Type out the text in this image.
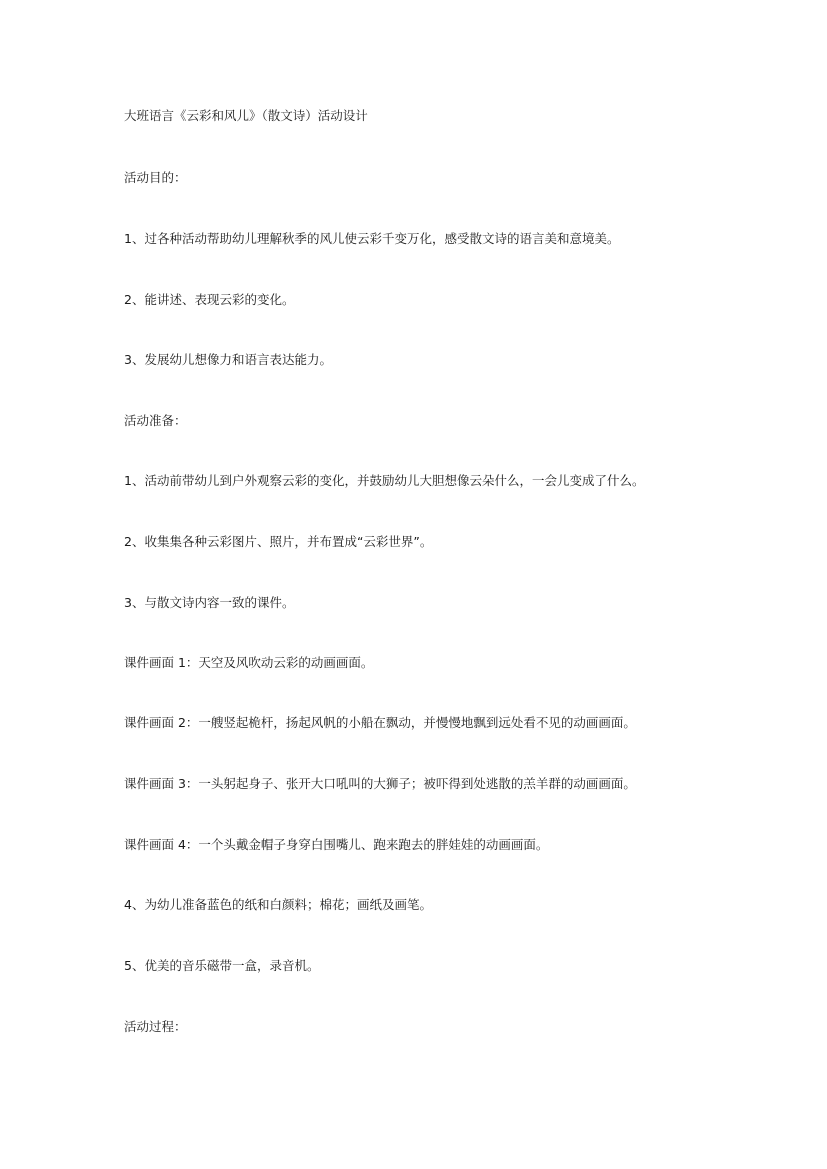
大班语言《云彩和风儿》（散文诗）活动设计
活动目的：
1、过各种活动帮助幼儿理解秋季的风儿使云彩千变万化，感受散文诗的语言美和意境美。
2、能讲述、表现云彩的变化。
3、发展幼儿想像力和语言表达能力。
活动准备：
1、活动前带幼儿到户外观察云彩的变化，并鼓励幼儿大胆想像云朵什么，一会儿变成了什么。
2、收集集各种云彩图片、照片，并布置成“云彩世界”。
3、与散文诗内容一致的课件。
课件画面 1：天空及风吹动云彩的动画画面。
课件画面 2：一艘竖起桅杆，扬起风帆的小船在飘动，并慢慢地飘到远处看不见的动画画面。
课件画面 3：一头躬起身子、张开大口吼叫的大狮子；被吓得到处逃散的羔羊群的动画画面。
课件画面 4：一个头戴金帽子身穿白围嘴儿、跑来跑去的胖娃娃的动画画面。
4、为幼儿准备蓝色的纸和白颜料；棉花；画纸及画笔。
5、优美的音乐磁带一盒，录音机。
活动过程：
